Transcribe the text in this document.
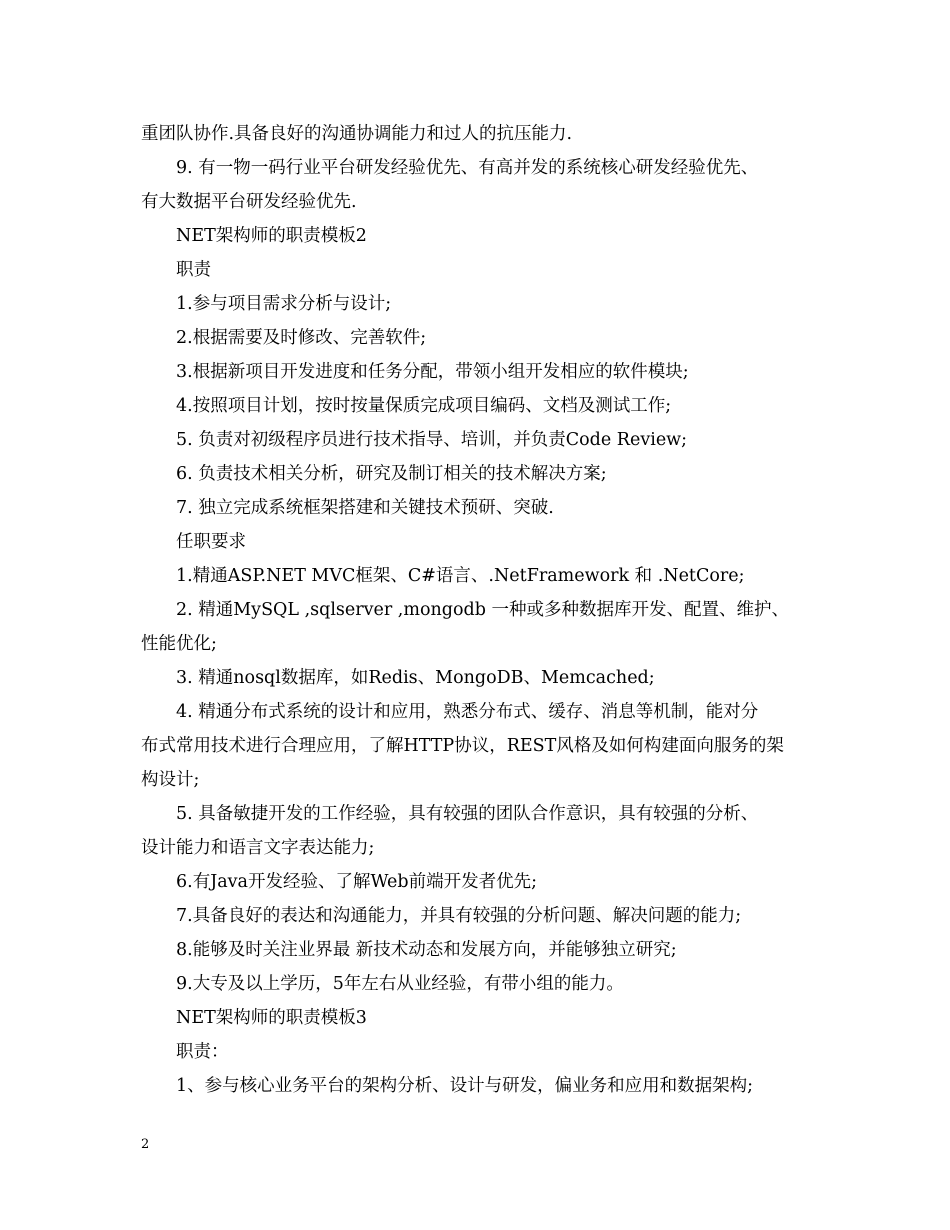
重团队协作.具备良好的沟通协调能力和过人的抗压能力.
9. 有一物一码行业平台研发经验优先、有高并发的系统核心研发经验优先、
有大数据平台研发经验优先.
NET架构师的职责模板2
职责
1.参与项目需求分析与设计;
2.根据需要及时修改、完善软件;
3.根据新项目开发进度和任务分配，带领小组开发相应的软件模块;
4.按照项目计划，按时按量保质完成项目编码、文档及测试工作;
5. 负责对初级程序员进行技术指导、培训，并负责Code Review;
6. 负责技术相关分析，研究及制订相关的技术解决方案;
7. 独立完成系统框架搭建和关键技术预研、突破.
任职要求
1.精通ASP.NET MVC框架、C#语言、.NetFramework 和 .NetCore;
2. 精通MySQL ,sqlserver ,mongodb 一种或多种数据库开发、配置、维护、
性能优化;
3. 精通nosql数据库，如Redis、MongoDB、Memcached;
4. 精通分布式系统的设计和应用，熟悉分布式、缓存、消息等机制，能对分
布式常用技术进行合理应用，了解HTTP协议，REST风格及如何构建面向服务的架
构设计;
5. 具备敏捷开发的工作经验，具有较强的团队合作意识，具有较强的分析、
设计能力和语言文字表达能力;
6.有Java开发经验、了解Web前端开发者优先;
7.具备良好的表达和沟通能力，并具有较强的分析问题、解决问题的能力;
8.能够及时关注业界最 新技术动态和发展方向，并能够独立研究;
9.大专及以上学历，5年左右从业经验，有带小组的能力。
NET架构师的职责模板3
职责：
1、参与核心业务平台的架构分析、设计与研发，偏业务和应用和数据架构;
2
